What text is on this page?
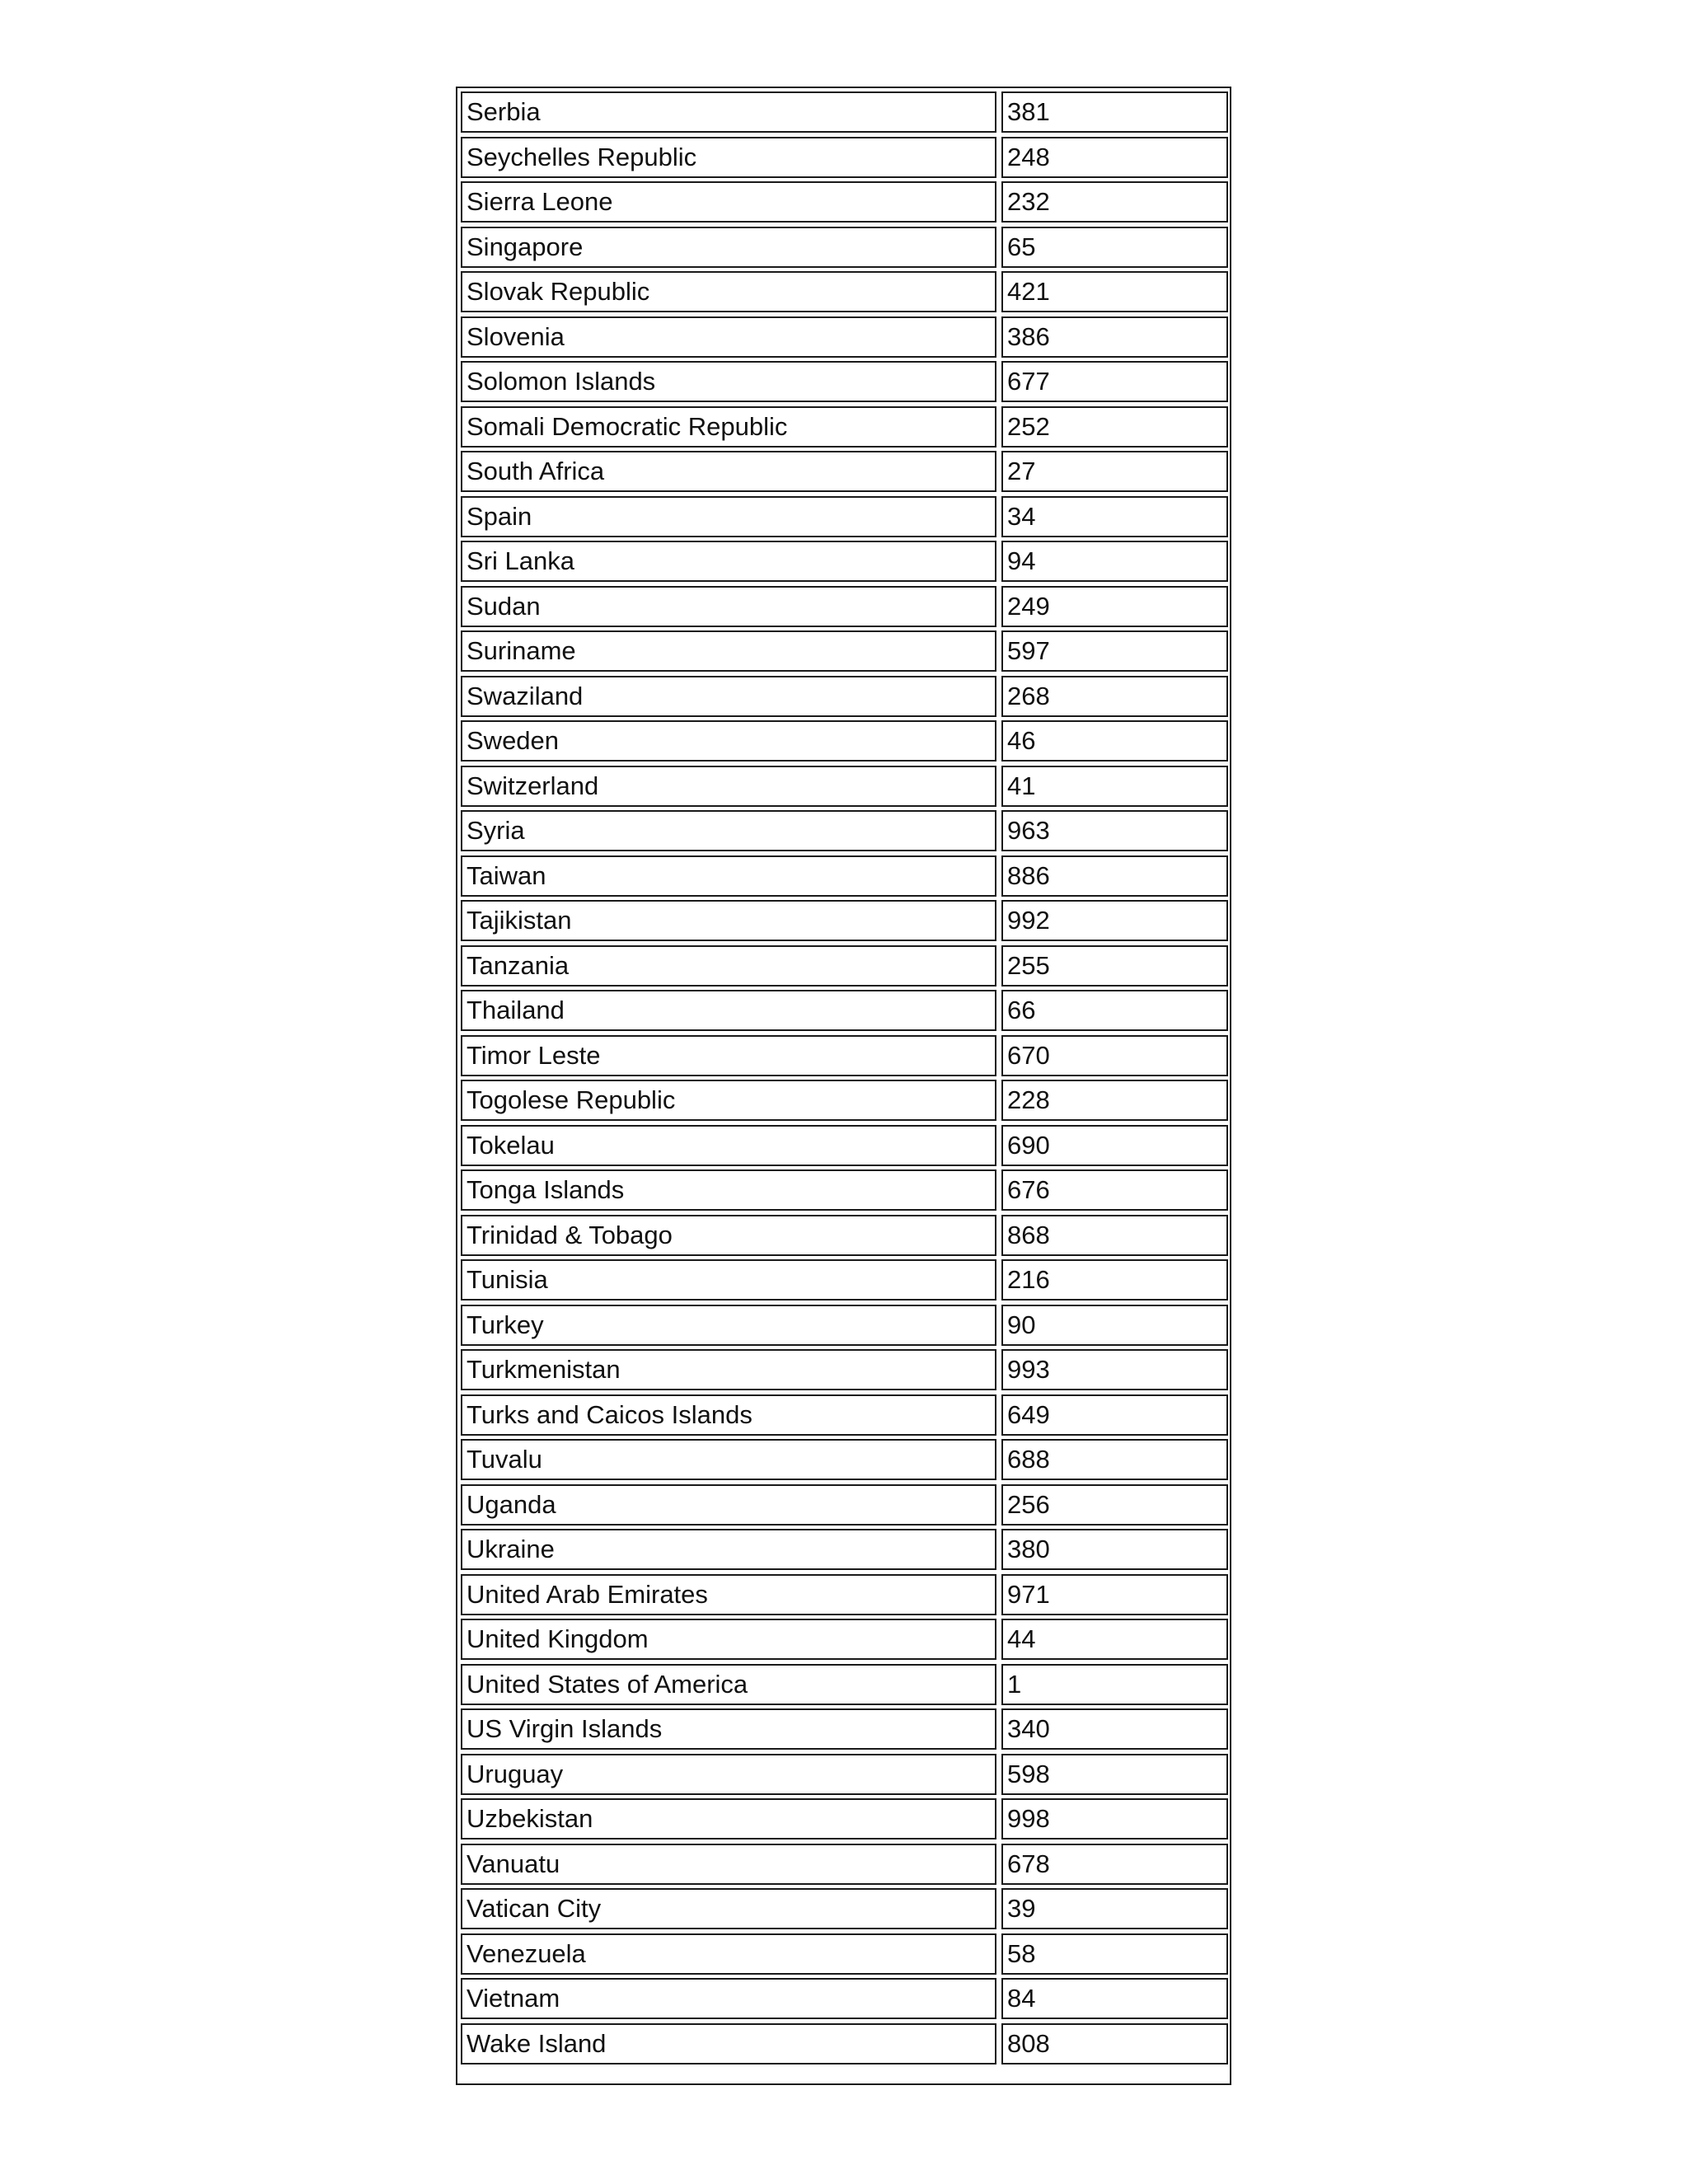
Serbia	381
Seychelles Republic	248
Sierra Leone	232
Singapore	65
Slovak Republic	421
Slovenia	386
Solomon Islands	677
Somali Democratic Republic	252
South Africa	27
Spain	34
Sri Lanka	94
Sudan	249
Suriname	597
Swaziland	268
Sweden	46
Switzerland	41
Syria	963
Taiwan	886
Tajikistan	992
Tanzania	255
Thailand	66
Timor Leste	670
Togolese Republic	228
Tokelau	690
Tonga Islands	676
Trinidad & Tobago	868
Tunisia	216
Turkey	90
Turkmenistan	993
Turks and Caicos Islands	649
Tuvalu	688
Uganda	256
Ukraine	380
United Arab Emirates	971
United Kingdom	44
United States of America	1
US Virgin Islands	340
Uruguay	598
Uzbekistan	998
Vanuatu	678
Vatican City	39
Venezuela	58
Vietnam	84
Wake Island	808
